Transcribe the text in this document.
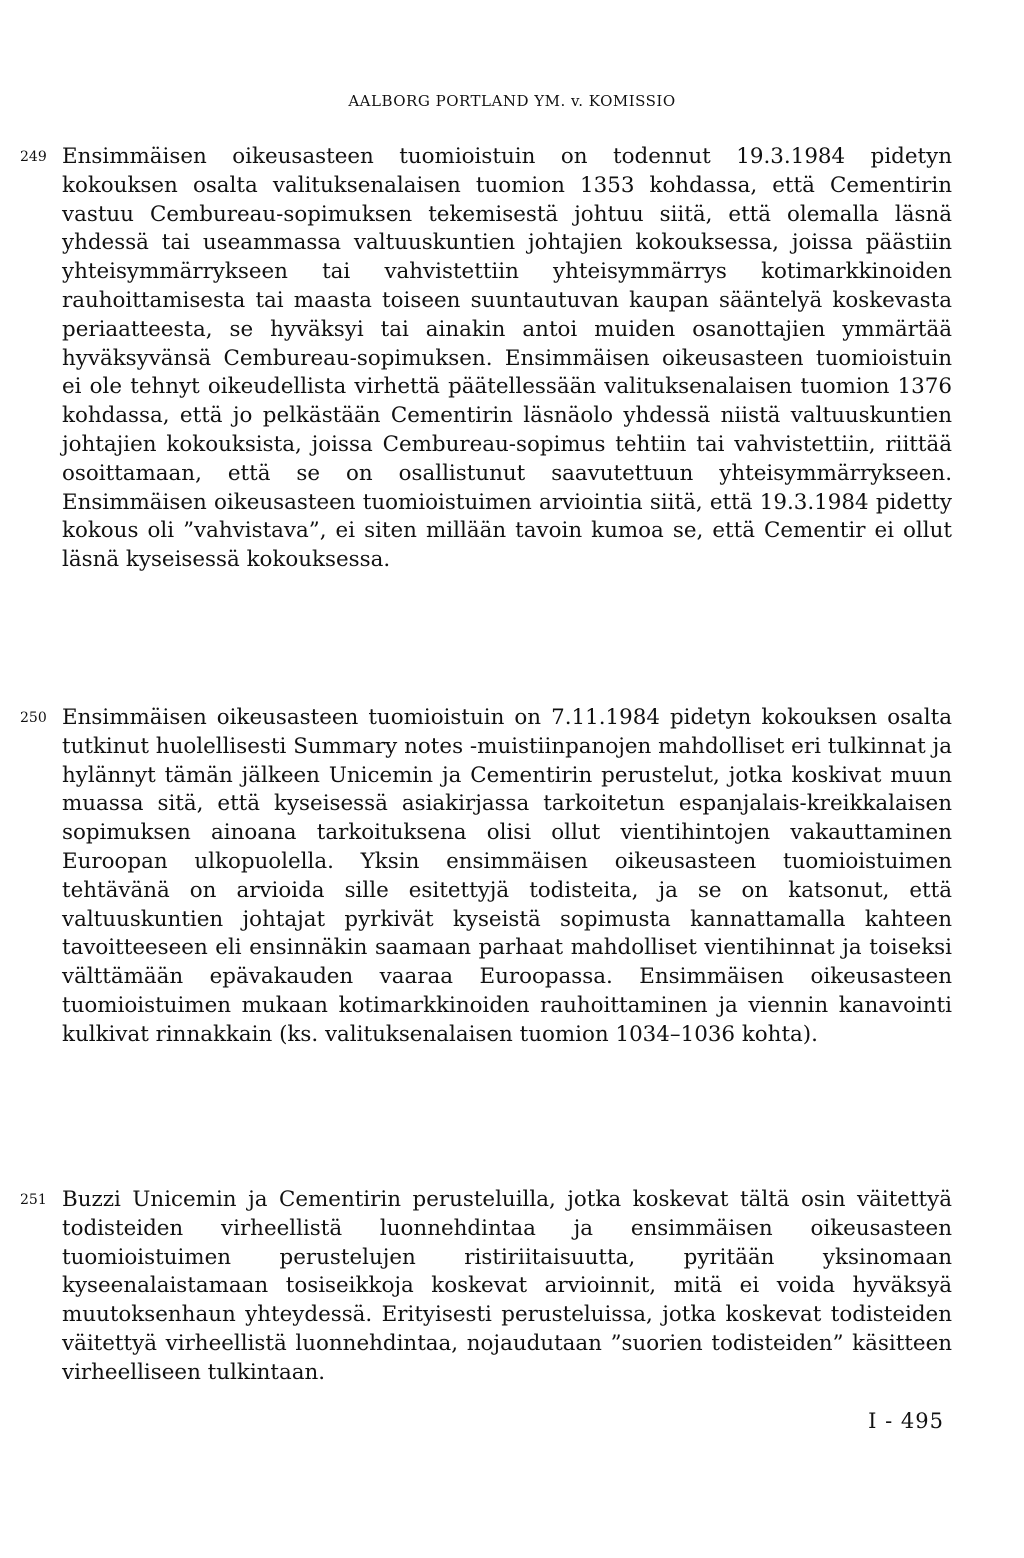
AALBORG PORTLAND YM. v. KOMISSIO
249 Ensimmäisen oikeusasteen tuomioistuin on todennut 19.3.1984 pidetyn kokouksen osalta valituksenalaisen tuomion 1353 kohdassa, että Cementirin vastuu Cembureau-sopimuksen tekemisestä johtuu siitä, että olemalla läsnä yhdessä tai useammassa valtuuskuntien johtajien kokouksessa, joissa päästiin yhteisymmärrykseen tai vahvistettiin yhteisymmärrys kotimarkkinoiden rauhoittamisesta tai maasta toiseen suuntautuvan kaupan sääntelyä koskevasta periaatteesta, se hyväksyi tai ainakin antoi muiden osanottajien ymmärtää hyväksyvänsä Cembureau-sopimuksen. Ensimmäisen oikeusasteen tuomioistuin ei ole tehnyt oikeudellista virhettä päätellessään valituksenalaisen tuomion 1376 kohdassa, että jo pelkästään Cementirin läsnäolo yhdessä niistä valtuuskuntien johtajien kokouksista, joissa Cembureau-sopimus tehtiin tai vahvistettiin, riittää osoittamaan, että se on osallistunut saavutettuun yhteisymmärrykseen. Ensimmäisen oikeusasteen tuomioistuimen arviointia siitä, että 19.3.1984 pidetty kokous oli ”vahvistava”, ei siten millään tavoin kumoa se, että Cementir ei ollut läsnä kyseisessä kokouksessa.
250 Ensimmäisen oikeusasteen tuomioistuin on 7.11.1984 pidetyn kokouksen osalta tutkinut huolellisesti Summary notes -muistiinpanojen mahdolliset eri tulkinnat ja hylännyt tämän jälkeen Unicemin ja Cementirin perustelut, jotka koskivat muun muassa sitä, että kyseisessä asiakirjassa tarkoitetun espanjalais-kreikkalaisen sopimuksen ainoana tarkoituksena olisi ollut vientihintojen vakauttaminen Euroopan ulkopuolella. Yksin ensimmäisen oikeusasteen tuomioistuimen tehtävänä on arvioida sille esitettyjä todisteita, ja se on katsonut, että valtuuskuntien johtajat pyrkivät kyseistä sopimusta kannattamalla kahteen tavoitteeseen eli ensinnäkin saamaan parhaat mahdolliset vientihinnat ja toiseksi välttämään epävakauden vaaraa Euroopassa. Ensimmäisen oikeusasteen tuomioistuimen mukaan kotimarkkinoiden rauhoittaminen ja viennin kanavointi kulkivat rinnakkain (ks. valituksenalaisen tuomion 1034–1036 kohta).
251 Buzzi Unicemin ja Cementirin perusteluilla, jotka koskevat tältä osin väitettyä todisteiden virheellistä luonnehdintaa ja ensimmäisen oikeusasteen tuomioistuimen perustelujen ristiriitaisuutta, pyritään yksinomaan kyseenalaistamaan tosiseikkoja koskevat arvioinnit, mitä ei voida hyväksyä muutoksenhaun yhteydessä. Erityisesti perusteluissa, jotka koskevat todisteiden väitettyä virheellistä luonnehdintaa, nojaudutaan ”suorien todisteiden” käsitteen virheelliseen tulkintaan.
I - 495
